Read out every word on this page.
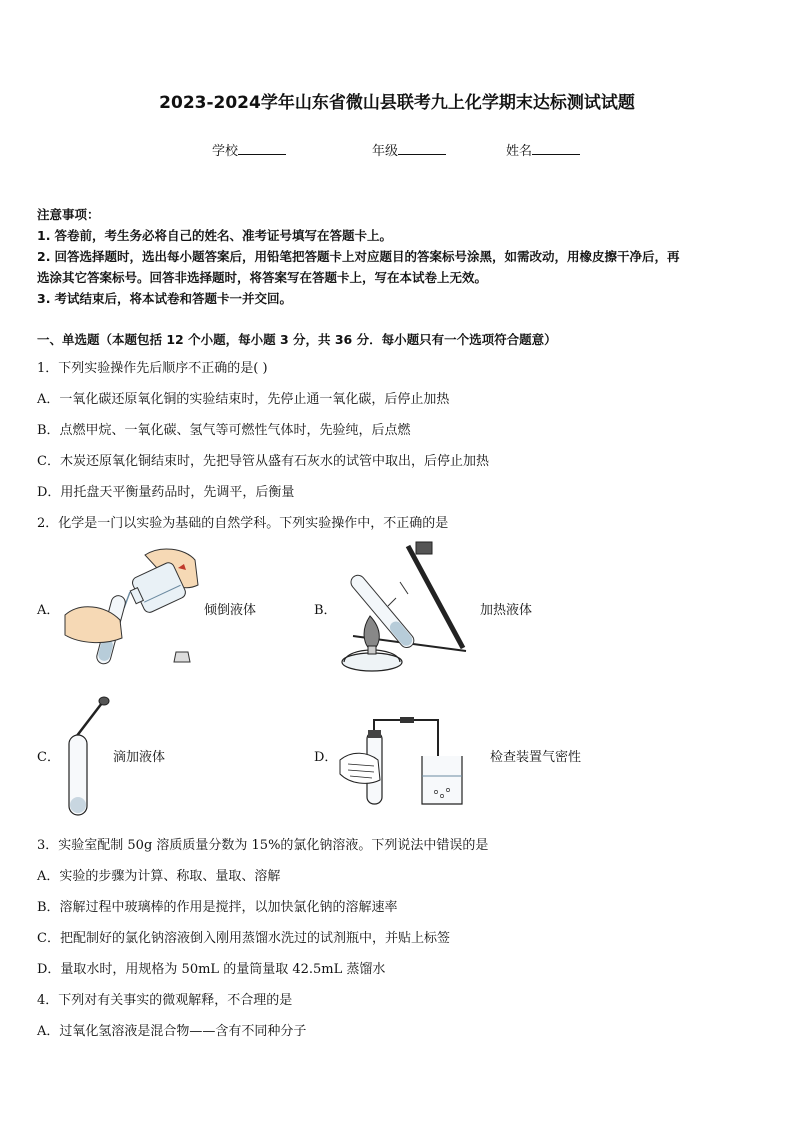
2023-2024学年山东省微山县联考九上化学期末达标测试试题
学校	年级	姓名
注意事项：
1. 答卷前，考生务必将自己的姓名、准考证号填写在答题卡上。
2. 回答选择题时，选出每小题答案后，用铅笔把答题卡上对应题目的答案标号涂黑，如需改动，用橡皮擦干净后，再
选涂其它答案标号。回答非选择题时，将答案写在答题卡上，写在本试卷上无效。
3. 考试结束后，将本试卷和答题卡一并交回。
一、单选题（本题包括 12 个小题，每小题 3 分，共 36 分．每小题只有一个选项符合题意）
1．下列实验操作先后顺序不正确的是( )
A．一氧化碳还原氧化铜的实验结束时，先停止通一氧化碳，后停止加热
B．点燃甲烷、一氧化碳、氢气等可燃性气体时，先验纯，后点燃
C．木炭还原氧化铜结束时，先把导管从盛有石灰水的试管中取出，后停止加热
D．用托盘天平衡量药品时，先调平，后衡量
2．化学是一门以实验为基础的自然学科。下列实验操作中，不正确的是
A．	倾倒液体	B．	加热液体
C．	滴加液体	D．	检查装置气密性
3．实验室配制 50g 溶质质量分数为 15%的氯化钠溶液。下列说法中错误的是
A．实验的步骤为计算、称取、量取、溶解
B．溶解过程中玻璃棒的作用是搅拌，以加快氯化钠的溶解速率
C．把配制好的氯化钠溶液倒入刚用蒸馏水洗过的试剂瓶中，并贴上标签
D．量取水时，用规格为 50mL 的量筒量取 42.5mL 蒸馏水
4．下列对有关事实的微观解释，不合理的是
A．过氧化氢溶液是混合物——含有不同种分子
